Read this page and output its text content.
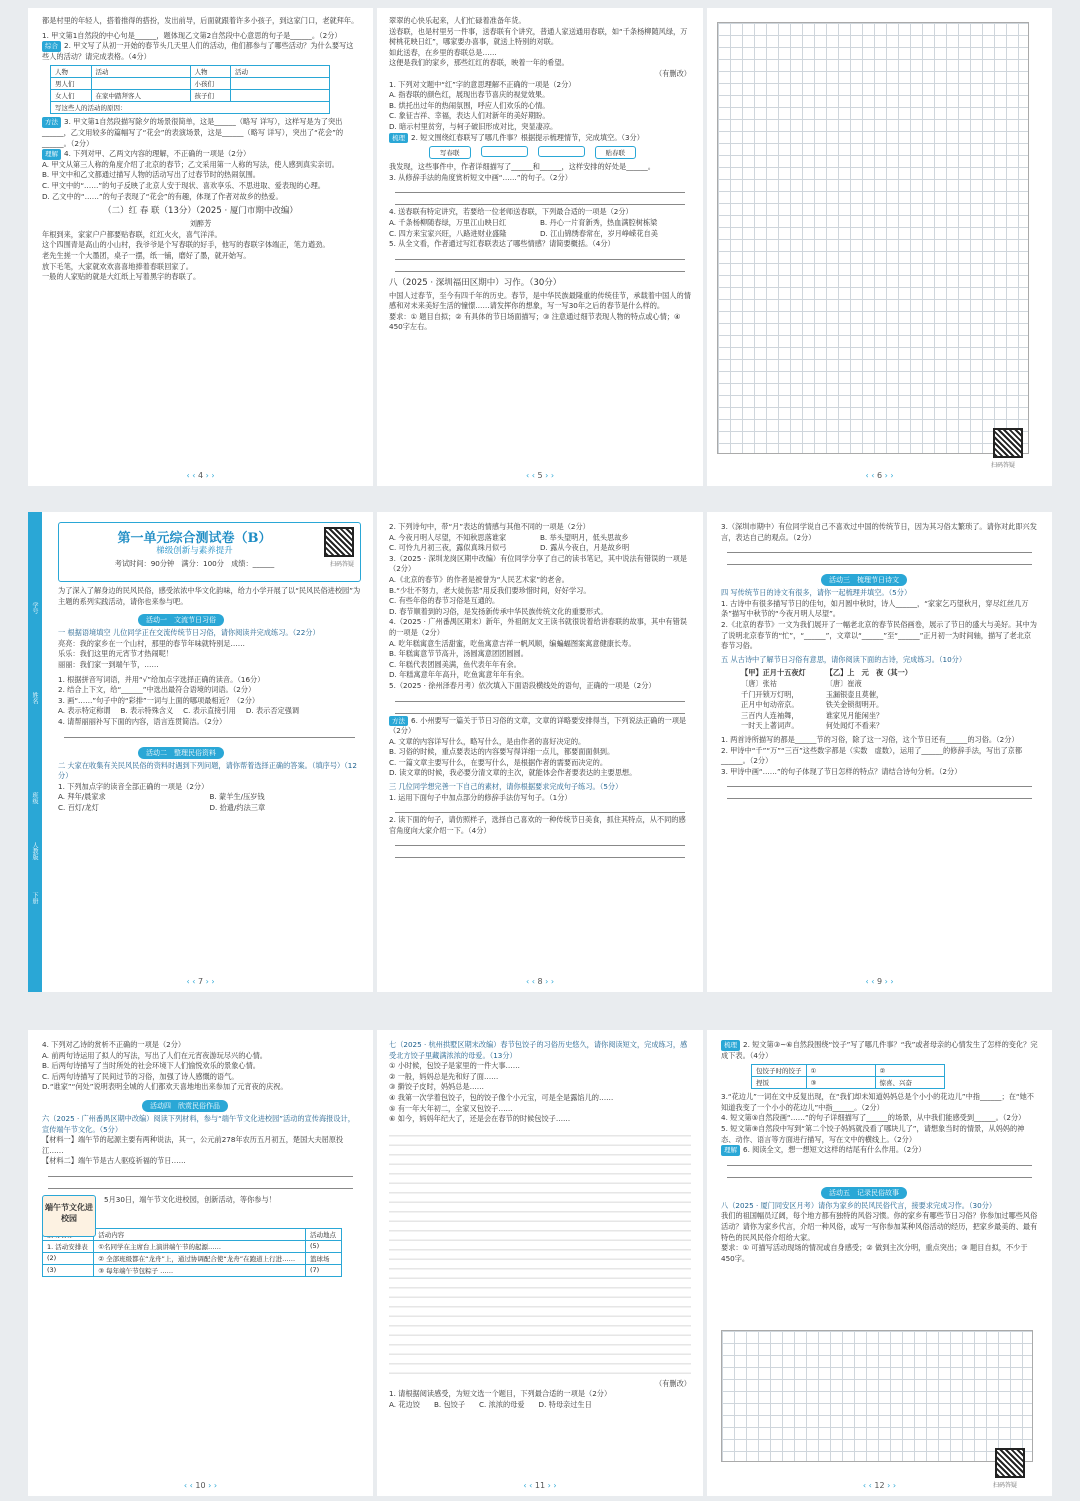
都是村里的年轻人，搭着推得的搭扮，发出前导，后面就跟着许多小孩子，到这家门口，老就拜年。

1. 甲文第1自然段的中心句是______，题体现乙文第2自然段中心意思的句子是______。（2分）

综合 2. 甲文写了从初一开始的春节头几天里人们的活动，他们都参与了哪些活动？为什么要写这些人的活动？请完成表格。（4分）

人物	活动	人物	活动
男人们		小孩们	
女人们	在家中踏拜客人	孩子们	
写这些人的活动的原因：			

方法 3. 甲文第1自然段描写除夕的场景很简单，这是______（略写 详写），这样写是为了突出______，乙文用较多的篇幅写了“花会”的表演场景，这是______（略写 详写），突出了“花会”的______。（2分）

理解 4. 下列对甲、乙两文内容的理解，不正确的一项是（2分）

A. 甲文从第三人称的角度介绍了北京的春节；乙文采用第一人称的写法，使人感到真实亲切。

B. 甲文中和乙文都通过描写人物的活动写出了过春节时的热闹氛围。

C. 甲文中的“……”的句子反映了北京人安于现状、喜欢享乐、不思进取、爱表现的心理。

D. 乙文中的“……”的句子表现了“花会”的有趣，体现了作者对故乡的热爱。

（二）红 春 联（13分）（2025 · 厦门市期中改编）

刘醉芳

年根到来，家家户户都要贴春联，红红火火，喜气洋洋。

这个四围青是高山的小山村，我爷爷是个写春联的好手，他写的春联字体端正，笔力遒劲。

老先生搓一个大墨团，桌子一摆，纸一铺，磨好了墨，就开始写。

放下毛笔，大家就欢欢喜喜地捧着春联回家了。

一般的人家贴的就是大红纸上写着黑字的春联了。

‹ ‹ 4 › ›

翠翠的心快乐起来，人们忙碌着准备年货。

送春联，也是村里另一件事，送春联有个讲究，普通人家送通用春联，如“千条杨柳随风绿，万树桃花映日红”，哪家要办喜事，就送上特别的对联。

如此送春，在乡里的春联总是……

这便是我们的家乡，那些红红的春联，映着一年的希望。

（有删改）

1. 下列对文题中“红”字的意思理解不正确的一项是（2分）

A. 指春联的颜色红，展现出春节喜庆的视觉效果。

B. 烘托出过年的热闹氛围，呼应人们欢乐的心情。

C. 象征吉祥、幸福，表达人们对新年的美好期盼。

D. 暗示村里贫穷，与柯子破旧形成对比，突显凄凉。

梳理 2. 短文围绕红春联写了哪几件事？根据提示梳理情节，完成填空。（3分）

写春联	贴春联

我发现，这些事件中，作者详细描写了______和______，这样安排的好处是______。

3. 从修辞手法的角度赏析短文中画“……”的句子。（2分）

4. 送春联有特定讲究，若要给一位老师送春联，下列最合适的一项是（2分）

A. 千条杨柳随春绿，万里江山映日红	B. 丹心一片育新秀，热血满腔树栋梁

C. 四方来宝家兴旺，八路进财业盛隆	D. 江山锦绣春常在，岁月峥嵘花自美

5. 从全文看，作者通过写红春联表达了哪些情感？请简要概括。（4分）

八（2025 · 深圳福田区期中）习作。（30分）

中国人过春节，至今有四千年的历史。春节，是中华民族最隆重的传统佳节，承载着中国人的情感和对未来美好生活的憧憬……请发挥你的想象，写一写30年之后的春节是什么样的。

要求：① 题目自拟；② 有具体的节日场面描写；③ 注意通过细节表现人物的特点或心情；④ 450字左右。

‹ ‹ 5 › ›
扫码答疑
‹ ‹ 6 › ›
学号
姓名
班级
人教版
下册
第一单元综合测试卷（B）
梯级创新与素养提升
考试时间：90分钟　满分：100分　成绩：______	扫码答疑

为了深入了解身边的民风民俗，感受浓浓中华文化韵味，给力小学开展了以“民风民俗进校园”为主题的系列实践活动，请你也来参与吧。

活动一　文流节日习俗

一 根据语境填空 儿位同学正在交流传统节日习俗，请你阅读并完成练习。（22分）

亮亮：我的家乡在一个山村，那里的春节年味就特别足……

乐乐：我们这里的元宵节才热闹呢！

丽丽：我们家一到端午节，……

1. 根据拼音写词语，并用“√”给加点字选择正确的读音。（16分）

2. 结合上下文，给“______”中选出最符合语境的词语。（2分）

3. 画“……”句子中的“彩排”一词与上面的哪项最相近？（2分）

A. 表示特定称谓 B. 表示特殊含义 C. 表示直接引用 D. 表示否定强调

4. 请帮丽丽补写下面的内容，语言连贯简洁。（2分）

活动二　整理民俗资料

二 大家在收集有关民风民俗的资料时遇到下列问题，请你帮着选择正确的答案。（填序号）（12分）

1. 下列加点字的读音全部正确的一项是（2分）

A. 拜年/晨家求	B. 蒙羊生/压岁钱

C. 百灯/龙灯	D. 拾遗/约法三章

‹ ‹ 7 › ›

2. 下列诗句中，带“月”表达的情感与其他不同的一项是（2分）

A. 今夜月明人尽望，不知秋思落谁家	B. 举头望明月，低头思故乡

C. 可怜九月初三夜，露似真珠月似弓	D. 露从今夜白，月是故乡明

3.（2025 · 深圳龙岗区期中改编）有位同学分享了自己的读书笔记，其中说法有错误的一项是（2分）

A.《北京的春节》的作者是被誉为“人民艺术家”的老舍。

B.“少壮不努力，老大徒伤悲”用反我们要珍惜时间，好好学习。

C. 有些年俗的春节习俗是互通的。

D. 春节顺着到的习俗，是发扬新传承中华民族传统文化的重要形式。

4.（2025 · 广州番禺区期末）新年，外祖朗友文王读书就很说着给讲春联的故事，其中有错误的一项是（2分）

A. 吃年糕寓意生活甜蜜，吃鱼寓意吉祥一帆风顺，编蝙蝠图案寓意健康长寿。

B. 年糕寓意节节高升，汤圆寓意团团圆圆。

C. 年糕代表团圆美满，鱼代表年年有余。

D. 年糕寓意年年高升，吃鱼寓意年年有余。

5.（2025 · 徐州泽春月考）依次填入下面语段横线处的语句，正确的一项是（2分）

方法 6. 小州要写一篇关于节日习俗的文章，文章的详略要安排得当，下列说法正确的一项是（2分）

A. 文章的内容详写什么，略写什么，是由作者的喜好决定的。

B. 习俗的时候，重点要表达的内容要写得详细一点儿，都要面面俱到。

C. 一篇文章主要写什么，在要写什么，是根据作者的需要而决定的。

D. 读文章的时候，我必要分清文章的主次，就能体会作者要表达的主要思想。

三 几位同学想完善一下自己的素材，请你根据要求完成句子练习。（5分）

1. 运用下面句子中加点部分的修辞手法仿写句子。（1分）

2. 读下面的句子，请仿照样子，选择自己喜欢的一种传统节日美食，抓住其特点，从不同的感官角度向大家介绍一下。（4分）

‹ ‹ 8 › ›

3.（深圳市期中）有位同学说自己不喜欢过中国的传统节日，因为其习俗太繁琐了。请你对此即兴发言，表达自己的观点。（2分）

活动三　梳理节日诗文

四 写传统节日的诗文有很多，请你一起梳理并填空。（5分）

1. 古诗中有很多描写节日的佳句，如月圆中秋时，诗人______，“家家乞巧望秋月，穿尽红丝几万条”描写中秋节的“今夜月明人尽望”。

2.《北京的春节》一文为我们展开了一幅老北京的春节民俗画卷，展示了节日的盛大与美好。其中为了说明北京春节的“忙”，“______”，文章以“______”至“______”正月初一为时间轴，描写了老北京春节习俗。

五 从古诗中了解节日习俗有意思，请你阅读下面的古诗，完成练习。（10分）

【甲】正月十五夜灯

〔唐〕张祜

千门开锁万灯明，

正月中旬动帝京。

三百内人连袖舞，

一时天上著词声。

【乙】上　元　夜（其一）

〔唐〕崔液

玉漏银壶且莫催，

铁关金锁彻明开。

谁家见月能闲坐？

何处闻灯不看来？

1. 两首诗所描写的都是______节的习俗，除了这一习俗，这个节日还有______的习俗。（2分）

2. 甲诗中“千”“万”“三百”这些数字都是（实数　虚数），运用了______的修辞手法，写出了京都______。（2分）

3. 甲诗中画“……”的句子体现了节日怎样的特点？请结合诗句分析。（2分）

‹ ‹ 9 › ›

4. 下列对乙诗的赏析不正确的一项是（2分）

A. 前两句诗运用了拟人的写法，写出了人们在元宵夜游玩尽兴的心情。

B. 后两句诗描写了当时所处的社会环境下人们愉悦欢乐的景象心情。

C. 后两句诗描写了民间过节的习俗，加强了诗人感慨的语气。

D.“谁家”“何处”说明表明全城的人们都欢天喜地地出来参加了元宵夜的庆祝。

活动四　欣赏民俗作品

六（2025 · 广州番禺区期中改编）阅读下列材料，参与“端午节文化进校园”活动的宣传海报设计，宣传端午节文化。（5分）

【材料一】端午节的起源主要有两种说法，其一，公元前278年农历五月初五，楚国大夫屈原投江……

【材料二】端午节是古人驱疫祈福的节日……

端午节文化进校园

5月30日，端午节文化进校园，创新活动，等你参与！

	活动内容	活动地点
1. 活动安排表	①名同学在主席台上演讲端午节的起源……	(5)
(2)	② 全部班级都在“龙舟”上，通过协调配合使“龙舟”在跑道上行进……	篮球场
(3)	③ 每年端午节包粽子 ……	(7)
‹ ‹ 10 › ›

七（2025 · 杭州拱墅区期末改编）春节包饺子的习俗历史悠久，请你阅读短文，完成练习，感受北方饺子里藏满浓浓的母爱。（13分）

① 小时候，包饺子是家里的一件大事……

② 一般，妈妈总是先和好了面……

③ 擀饺子皮时，妈妈总是……

④ 我第一次学着包饺子，包的饺子像个小元宝，可是全是露馅儿的……

⑤ 有一年大年初二，全家又包饺子……

⑥ 如今，妈妈年纪大了，还是会在春节的时候包饺子……

（有删改）

1. 请根据阅读感受，为短文选一个题目，下列最合适的一项是（2分）

A. 花边饺 B. 包饺子 C. 浓浓的母爱 D. 特母亲过生日

‹ ‹ 11 › ›

梳理 2. 短文第③~⑥自然段围绕“饺子”写了哪几件事？“我”或者母亲的心情发生了怎样的变化？完成下表。（4分）

包饺子时的饺子	①	②
捏饭	③	惊喜、兴奋

3.“花边儿”一词在文中反复出现，在“我们却未知道妈妈总是个小小的花边儿”中指______；在“她不知道我变了一个小小的花边儿”中指______。（2分）

4. 短文第⑤自然段画“……”的句子详细描写了______的场景，从中我们能感受到______。（2分）

5. 短文第⑨自然段中写到“第二个饺子妈妈就没看了哪块儿了”，请想象当时的情景，从妈妈的神态、动作、语言等方面进行描写，写在文中的横线上。（2分）

理解 6. 阅读全文，想一想短文这样的结尾有什么作用。（2分）

活动五　记录民俗故事

八（2025 · 厦门同安区月考）请你为家乡的民风民俗代言，接要求完成习作。（30分）

我们的祖国幅员辽阔，每个地方都有独特的风俗习惯。你的家乡有哪些节日习俗？你参加过哪些风俗活动？请你为家乡代言，介绍一种风俗，或写一写你参加某种风俗活动的经历，把家乡最美的、最有特色的民风民俗介绍给大家。

要求：① 可描写活动现场的情况或自身感受；② 做到主次分明，重点突出；③ 题目自拟，不少于450字。

扫码答疑
‹ ‹ 12 › ›
